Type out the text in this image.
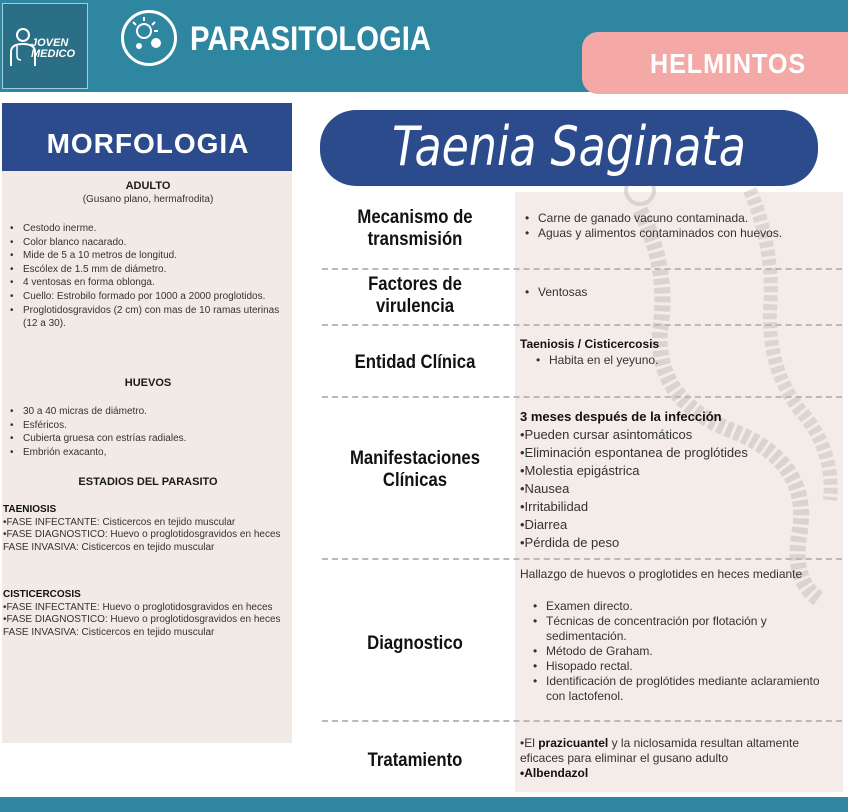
JOVEN
MEDICO	PARASITOLOGIA
HELMINTOS
MORFOLOGIA
ADULTO
(Gusano plano, hermafrodita)
• Cestodo inerme.
• Color blanco nacarado.
• Mide de 5 a 10 metros de longitud.
• Escólex de 1.5 mm de diámetro.
• 4 ventosas en forma oblonga.
• Cuello: Estrobilo formado por 1000 a 2000 proglotidos.
• Proglotidosgravidos (2 cm) con mas de 10 ramas uterinas (12 a 30).
HUEVOS
• 30 a 40 micras de diámetro.
• Esféricos.
• Cubierta gruesa con estrías radiales.
• Embrión exacanto,
ESTADIOS DEL PARASITO
TAENIOSIS
•FASE INFECTANTE: Cisticercos en tejido muscular
•FASE DIAGNOSTICO: Huevo o proglotidosgravidos en heces
FASE INVASIVA: Cisticercos en tejido muscular
CISTICERCOSIS
•FASE INFECTANTE: Huevo o proglotidosgravidos en heces
•FASE DIAGNOSTICO: Huevo o proglotidosgravidos en heces
FASE INVASIVA: Cisticercos en tejido muscular
Taenia Saginata
Mecanismo de transmisión
• Carne de ganado vacuno contaminada.
• Aguas y alimentos contaminados con huevos.
Factores de virulencia
• Ventosas
Entidad Clínica
Taeniosis / Cisticercosis
• Habita en el yeyuno.
Manifestaciones Clínicas
3 meses después de la infección
•Pueden cursar asintomáticos
•Eliminación espontanea de proglótides
•Molestia epigástrica
•Nausea
•Irritabilidad
•Diarrea
•Pérdida de peso
Diagnostico
Hallazgo de huevos o proglotides en heces mediante
• Examen directo.
• Técnicas de concentración por flotación y sedimentación.
• Método de Graham.
• Hisopado rectal.
• Identificación de proglótides mediante aclaramiento con lactofenol.
Tratamiento
•El prazicuantel y la niclosamida resultan altamente eficaces para eliminar el gusano adulto
•Albendazol
